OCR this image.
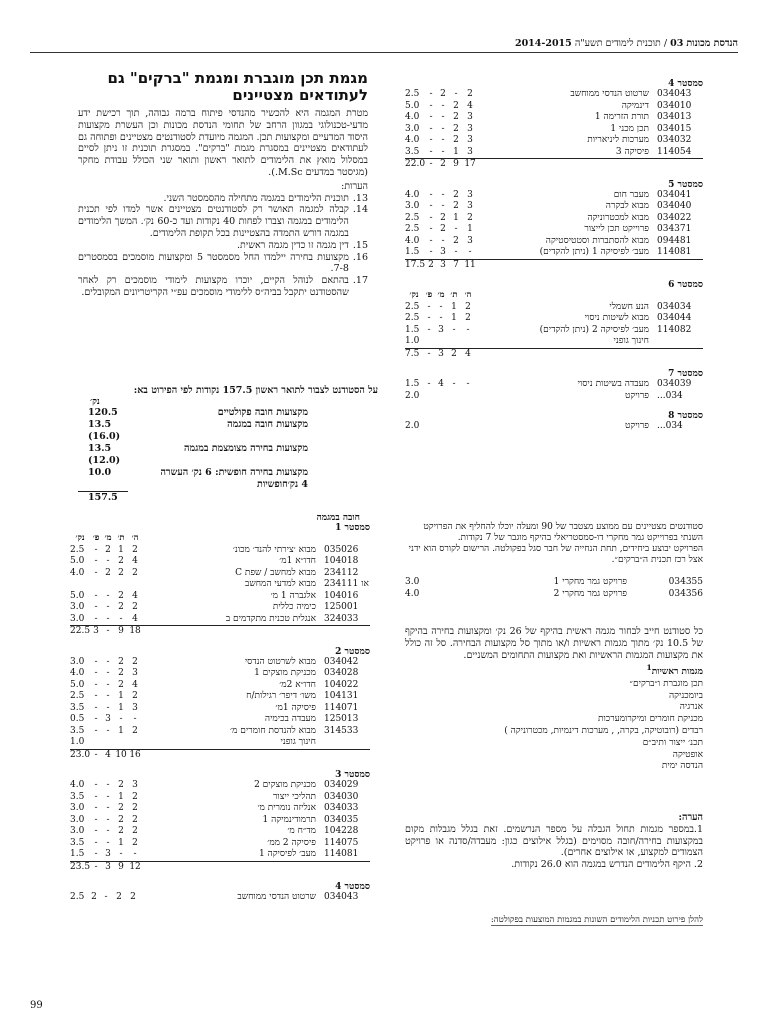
הנדסת מכונות 03 / תוכנית לימודים תשע"ה 2014-2015
מגמת תכן מוגברת ומגמת "ברקים" גם לעתודאים מצטיינים

מטרת המגמה היא להכשיר מהנדסי פיתוח ברמה גבוהה, תוך רכישת ידע מדעי-טכנולוגי במגוון הרחב של תחומי הנדסת מכונות וכן העשרת מקצועות היסוד המדעיים ומקצועות תכן. המגמה מיועדת לסטודנטים מצטיינים ופתוחה גם לעתודאים מצטיינים במסגרת מגמת "ברקים". במסגרת תוכנית זו ניתן לסיים במסלול מואץ את הלימודים לתואר ראשון ותואר שני הכולל עבודת מחקר (מגיסטר במדעים M.Sc.).

הערות:

13.
תוכנית הלימודים במגמה מתחילה מהסמסטר השני.
14.
קבלה למגמה תאושר רק לסטודנטים מצטיינים אשר למדו לפי תכנית הלימודים במגמה וצברו לפחות 40 נקודות ועד כ-60 נק׳. המשך הלימודים במגמה דורש התמדה בהצטיינות בכל תקופת הלימודים.
15.
דין מגמה זו כדין מגמה ראשית.
16.
מקצועות בחירה יילמדו החל מסמסטר 5 ומקצועות מוסמכים בסמסטרים 7-8.
17.
בהתאם לנוהל הקיים, יוכרו מקצועות לימודי מוסמכים רק לאחר שהסטודנט יתקבל בביה״ס ללימודי מוסמכים עפ״י הקריטריונים המקובלים.
על הסטודנט לצבור לתואר ראשון 157.5 נקודות לפי הפירוט בא:
נק׳
מקצועות חובה פקולטיים
120.5
מקצועות חובה במגמה
13.5
(16.0)
מקצועות בחירה מצומצמת במגמה
13.5
(12.0)
מקצועות בחירה חופשית: 6 נק׳ העשרה
10.0
4 נק׳חופשיות
157.5
חובה במגמה
סמסטר 1
נק׳	פ׳	מ׳	ת׳	ה׳		
2.5	-	2	1	2	מבוא ׳צירתי להנד׳ מכונ׳	035026
5.0	-	-	2	4	חדו״א 1מ׳	104018
4.0	-	2	2	2	מבוא למחשב / שפת C	234112
					מבוא למדעי המחשב	או 234111
5.0	-	-	2	4	אלגברה 1 מ׳	104016
3.0	-	-	2	2	כימיה כללית	125001
3.0	-	-	-	4	אנגלית טכנית מתקדמים ב	324033
22.5	3	-	9	18		
סמסטר 2
3.0	-	-	2	2	מבוא לשרטוט הנדסי	034042
4.0	-	-	2	3	מכניקת מוצקים 1	034028
5.0	-	-	2	4	חדו״א 2מ׳	104022
2.5	-	-	1	2	משו׳ דיפר׳ רגילות/ח	104131
3.5	-	-	1	3	פיסיקה 1מ׳	114071
0.5	-	3	-	-	מעבדה בכימיה	125013
3.5	-	-	1	2	מבוא להנדסת חומרים מ׳	314533
1.0					חינוך גופני	
23.0	-	4	10	16		
סמסטר 3
4.0	-	-	2	3	מכניקת מוצקים 2	034029
3.5	-	-	1	2	תהליכי ייצור	034030
3.0	-	-	2	2	אנליזה נומרית מ׳	034033
3.0	-	-	2	2	תרמודינמיקה 1	034035
3.0	-	-	2	2	מד״ח מ׳	104228
3.5	-	-	1	2	פיסיקה 2 ממ׳	114075
1.5	-	3	-	-	מעב׳ לפיסיקה 1	114081
23.5	-	3	9	12		
סמסטר 4
2.5	2	-	2	2	שרטוט הנדסי ממוחשב	034043
סמסטר 4
2.5	-	2	-	2	שרטוט הנדסי ממוחשב	034043
5.0	-	-	2	4	דינמיקה	034010
4.0	-	-	2	3	תורת הזרימה 1	034013
3.0	-	-	2	3	תכן מכני 1	034015
4.0	-	-	2	3	מערכות ליניאריות	034032
3.5	-	-	1	3	פיסיקה 3	114054
22.0	-	2	9	17		
סמסטר 5
4.0	-	-	2	3	מעבר חום	034041
3.0	-	-	2	3	מבוא לבקרה	034040
2.5	-	2	1	2	מבוא למכטרוניקה	034022
2.5	-	2	-	1	פרוייקט תכן לייצור	034371
4.0	-	-	2	3	מבוא להסתברות וסטטיסטיקה	094481
1.5	-	3	-	-	מעב׳ לפיסיקה 1 (ניתן להקדים)	114081
17.5	2	3	7	11		
סמסטר 6
נק׳	פ׳	מ׳	ת׳	ה׳		
2.5	-	-	1	2	הנע חשמלי	034034
2.5	-	-	1	2	מבוא לשיטות ניסוי	034044
1.5	-	3	-	-	מעב׳ לפיסיקה 2 (ניתן להקדים)	114082
1.0					חינוך גופני	
7.5	-	3	2	4		
סמסטר 7
1.5	-	4	-	-	מעבדה בשיטות ניסוי	034039
2.0					פרויקט	034...
סמסטר 8
2.0					פרויקט	034...

סטודנטים מצטיינים עם ממוצע מצטבר של 90 ומעלה יוכלו להחליף את הפרויקט השנתי בפרוייקט גמר מחקרי דו-סמסטריאלי בהיקף מוגבר של 7 נקודות.

הפרויקט יבוצע ביחידים, תחת הנחייה של חבר סגל בפקולטה. הרישום לקורס הוא ידני אצל רכז תכנית ה״ברקים״.

3.0	פרויקט גמר מחקרי 1	034355
4.0	פרויקט גמר מחקרי 2	034356
כל סטודנט חייב לבחור מגמה ראשית בהיקף של 26 נק׳ ומקצועות בחירה בהיקף של 10.5 נק׳ מתוך מגמות ראשיות ו/או מתוך סל מקצועות הבחירה. סל זה כולל את מקצועות המגמות הראשיות ואת מקצועות התחומים המשניים.
מגמות ראשיות$^1$
תכן מוגברת ו״ברקים״
ביומכניקה
אנרגיה
מכניקת חומרים ומיקרומערכות
רבדים (רובוטיקה, בקרה, , מערכות דינמיות, מכטרוניקה )
תכנ׳ ייצור ותיב״ם
אופטיקה
הנדסה ימית
הערה:

1.במספר מגמות תחול הגבלה על מספר הנרשמים. זאת בגלל מגבלות מקום במקצועות בחירה/חובה מסוימים (בגלל אילוצים כגון: מעבדה/סדנה או פרויקט הצמודים למקצוע, או אילוצים אחרים).

2. היקף הלימודים הנדרש במגמה הוא 26.0 נקודות.

להלן פירוט תכניות הלימודים השונות במגמות המוצעות בפקולטה:
99
